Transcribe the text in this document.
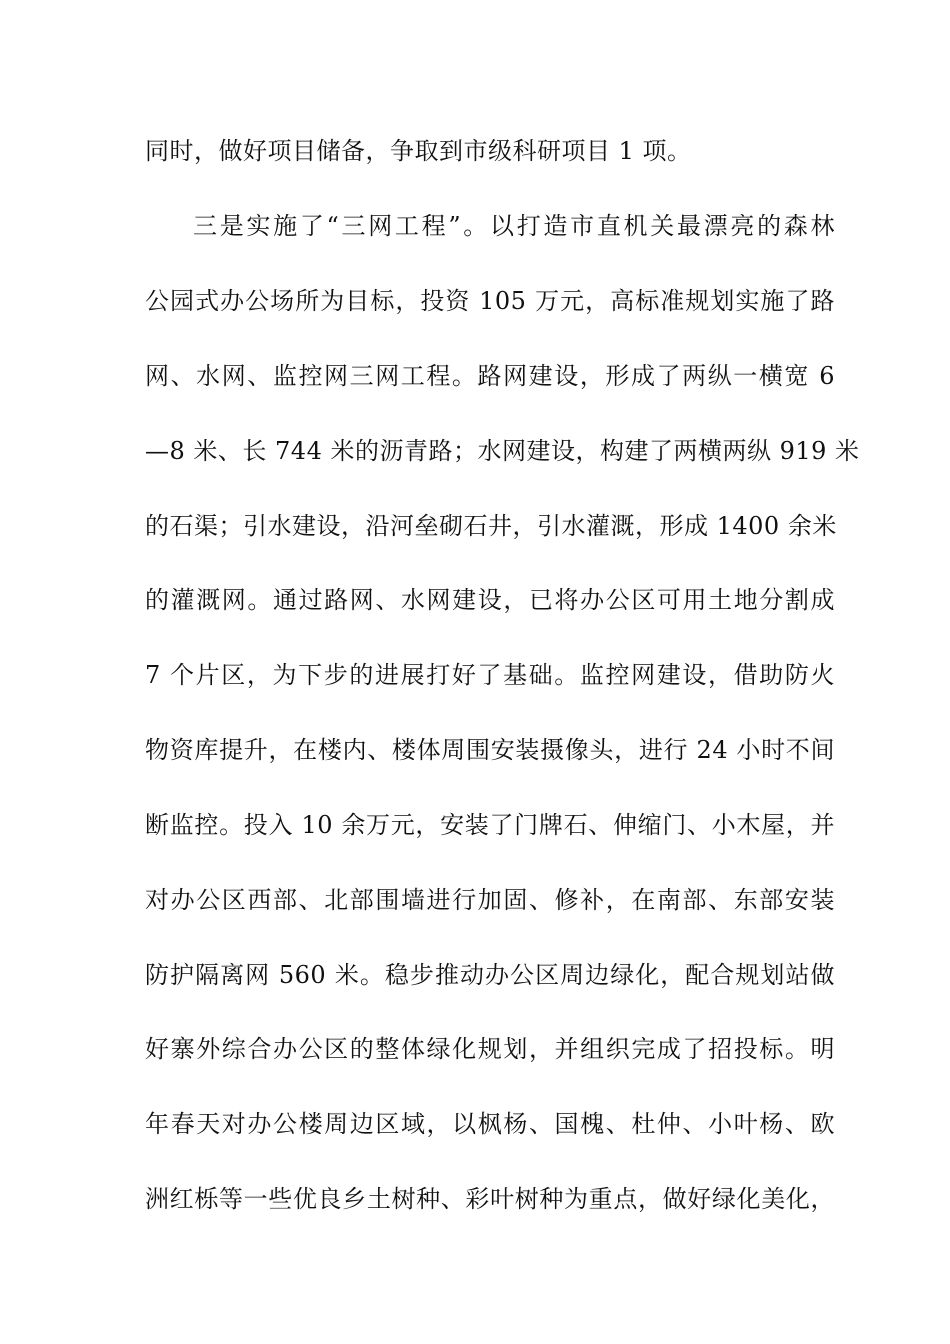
同时，做好项目储备，争取到市级科研项目 1 项。
三是实施了“三网工程”。以打造市直机关最漂亮的森林
公园式办公场所为目标，投资 105 万元，高标准规划实施了路
网、水网、监控网三网工程。路网建设，形成了两纵一横宽 6
—8 米、长 744 米的沥青路；水网建设，构建了两横两纵 919 米
的石渠；引水建设，沿河垒砌石井，引水灌溉，形成 1400 余米
的灌溉网。通过路网、水网建设，已将办公区可用土地分割成
7 个片区，为下步的进展打好了基础。监控网建设，借助防火
物资库提升，在楼内、楼体周围安装摄像头，进行 24 小时不间
断监控。投入 10 余万元，安装了门牌石、伸缩门、小木屋，并
对办公区西部、北部围墙进行加固、修补，在南部、东部安装
防护隔离网 560 米。稳步推动办公区周边绿化，配合规划站做
好寨外综合办公区的整体绿化规划，并组织完成了招投标。明
年春天对办公楼周边区域，以枫杨、国槐、杜仲、小叶杨、欧
洲红栎等一些优良乡土树种、彩叶树种为重点，做好绿化美化，
